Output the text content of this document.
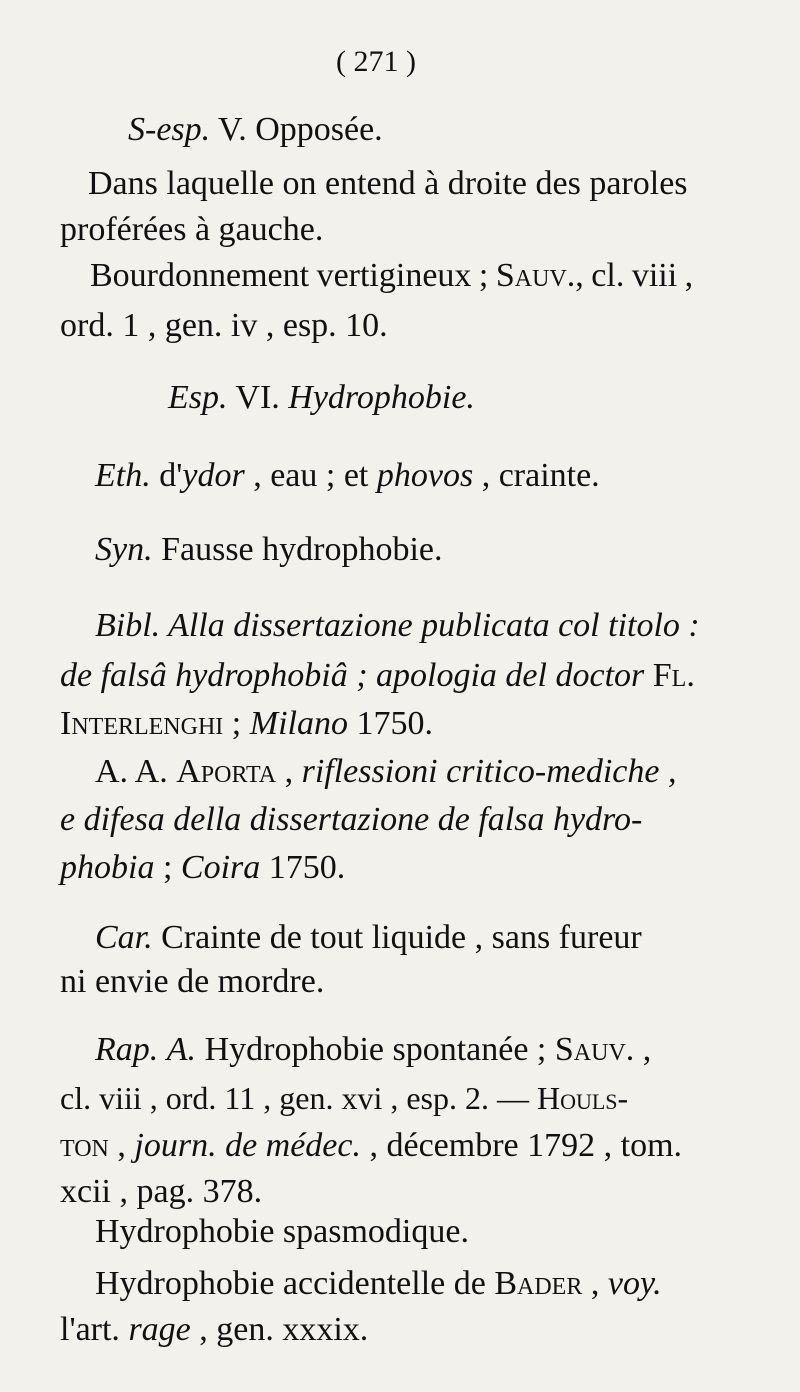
( 271 )
S-esp. V. Opposée.
Dans laquelle on entend à droite des paroles
proférées à gauche.
Bourdonnement vertigineux ; Sauv., cl. viii ,
ord. 1 , gen. iv , esp. 10.
Esp. VI. Hydrophobie.
Eth. d'ydor , eau ; et phovos , crainte.
Syn. Fausse hydrophobie.
Bibl. Alla dissertazione publicata col titolo :
de falsâ hydrophobiâ ; apologia del doctor Fl.
Interlenghi ; Milano 1750.
A. A. Aporta , riflessioni critico-mediche ,
e difesa della dissertazione de falsa hydro-
phobia ; Coira 1750.
Car. Crainte de tout liquide , sans fureur
ni envie de mordre.
Rap. A. Hydrophobie spontanée ; Sauv. ,
cl. viii , ord. 11 , gen. xvi , esp. 2. — Houls-
ton , journ. de médec. , décembre 1792 , tom.
xcii , pag. 378.
Hydrophobie spasmodique.
Hydrophobie accidentelle de Bader , voy.
l'art. rage , gen. xxxix.
